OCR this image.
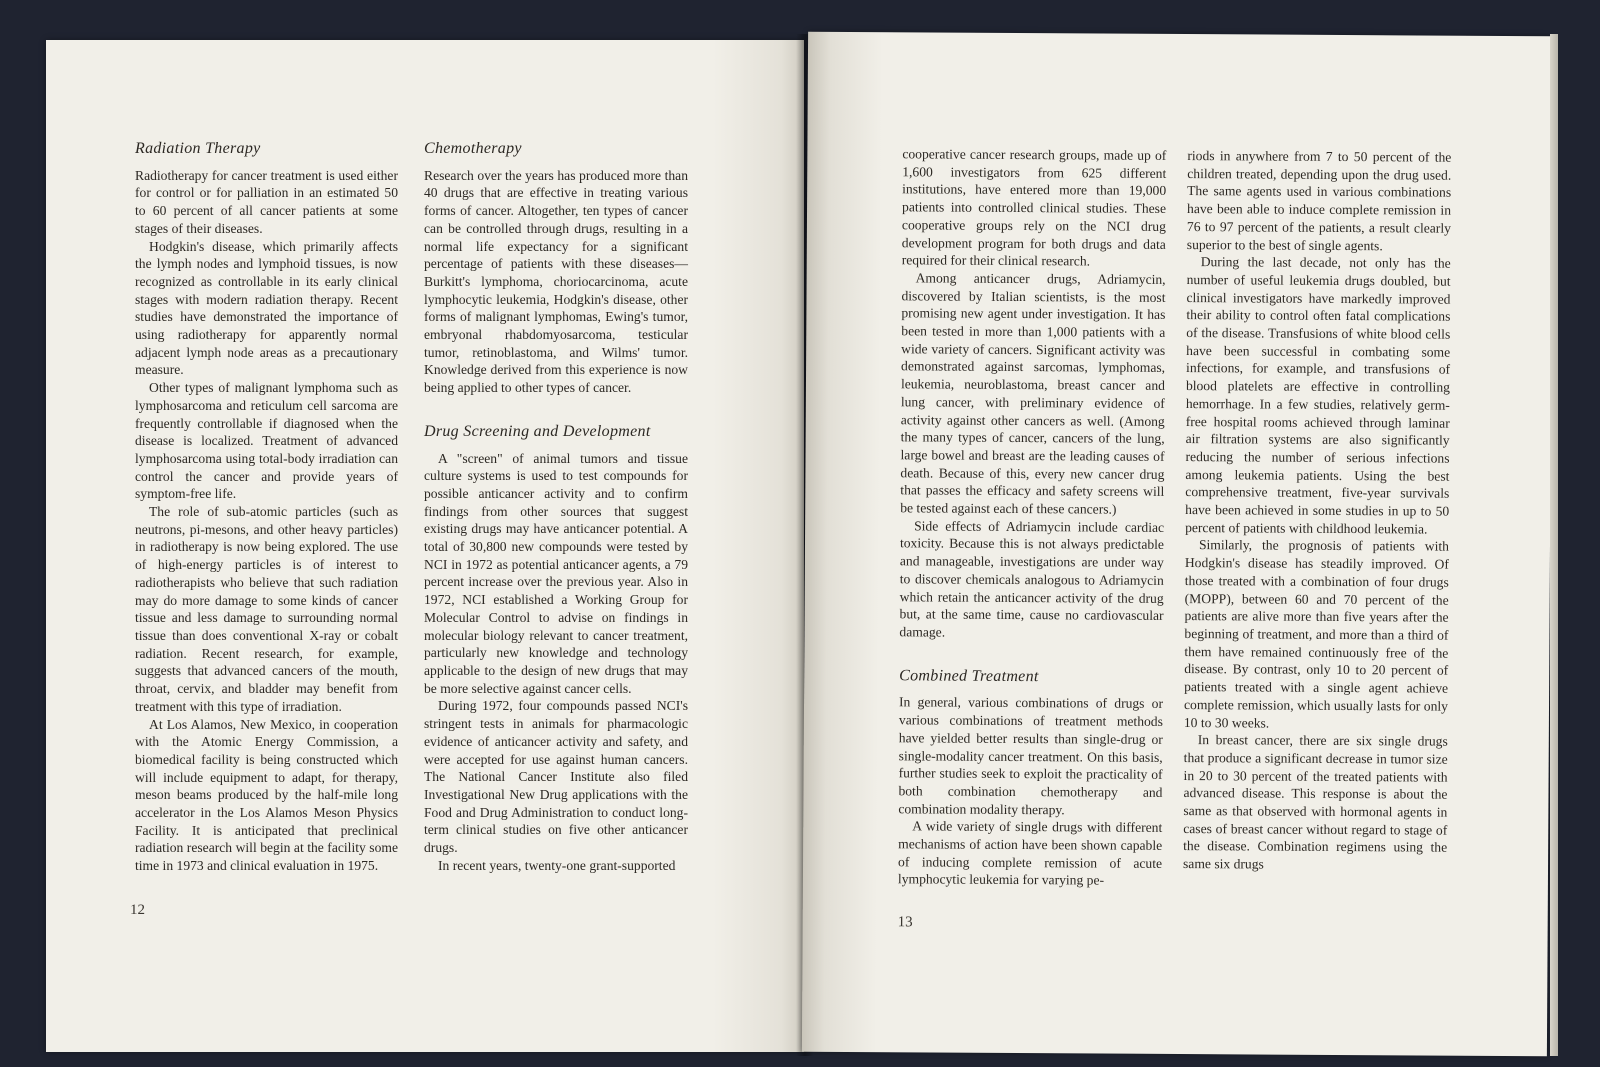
Radiation Therapy

Radiotherapy for cancer treatment is used either for control or for palliation in an estimated 50 to 60 percent of all cancer patients at some stages of their diseases.

Hodgkin's disease, which primarily affects the lymph nodes and lymphoid tissues, is now recognized as controllable in its early clinical stages with modern radiation therapy. Recent studies have demonstrated the importance of using radiotherapy for apparently normal adjacent lymph node areas as a precautionary measure.

Other types of malignant lymphoma such as lymphosarcoma and reticulum cell sarcoma are frequently controllable if diagnosed when the disease is localized. Treatment of advanced lymphosarcoma using total-body irradiation can control the cancer and provide years of symptom-free life.

The role of sub-atomic particles (such as neutrons, pi-mesons, and other heavy particles) in radiotherapy is now being explored. The use of high-energy particles is of interest to radiotherapists who believe that such radiation may do more damage to some kinds of cancer tissue and less damage to surrounding normal tissue than does conventional X-ray or cobalt radiation. Recent research, for example, suggests that advanced cancers of the mouth, throat, cervix, and bladder may benefit from treatment with this type of irradiation.

At Los Alamos, New Mexico, in cooperation with the Atomic Energy Commission, a biomedical facility is being constructed which will include equipment to adapt, for therapy, meson beams produced by the half-mile long accelerator in the Los Alamos Meson Physics Facility. It is anticipated that preclinical radiation research will begin at the facility some time in 1973 and clinical evaluation in 1975.

Chemotherapy

Research over the years has produced more than 40 drugs that are effective in treating various forms of cancer. Altogether, ten types of cancer can be controlled through drugs, resulting in a normal life expectancy for a significant percentage of patients with these diseases—Burkitt's lymphoma, choriocarcinoma, acute lymphocytic leukemia, Hodgkin's disease, other forms of malignant lymphomas, Ewing's tumor, embryonal rhabdomyosarcoma, testicular tumor, retinoblastoma, and Wilms' tumor. Knowledge derived from this experience is now being applied to other types of cancer.

Drug Screening and Development

A "screen" of animal tumors and tissue culture systems is used to test compounds for possible anticancer activity and to confirm findings from other sources that suggest existing drugs may have anticancer potential. A total of 30,800 new compounds were tested by NCI in 1972 as potential anticancer agents, a 79 percent increase over the previous year. Also in 1972, NCI established a Working Group for Molecular Control to advise on findings in molecular biology relevant to cancer treatment, particularly new knowledge and technology applicable to the design of new drugs that may be more selective against cancer cells.

During 1972, four compounds passed NCI's stringent tests in animals for pharmacologic evidence of anticancer activity and safety, and were accepted for use against human cancers. The National Cancer Institute also filed Investigational New Drug applications with the Food and Drug Administration to conduct long-term clinical studies on five other anticancer drugs.

In recent years, twenty-one grant-supported

12

cooperative cancer research groups, made up of 1,600 investigators from 625 different institutions, have entered more than 19,000 patients into controlled clinical studies. These cooperative groups rely on the NCI drug development program for both drugs and data required for their clinical research.

Among anticancer drugs, Adriamycin, discovered by Italian scientists, is the most promising new agent under investigation. It has been tested in more than 1,000 patients with a wide variety of cancers. Significant activity was demonstrated against sarcomas, lymphomas, leukemia, neuroblastoma, breast cancer and lung cancer, with preliminary evidence of activity against other cancers as well. (Among the many types of cancer, cancers of the lung, large bowel and breast are the leading causes of death. Because of this, every new cancer drug that passes the efficacy and safety screens will be tested against each of these cancers.)

Side effects of Adriamycin include cardiac toxicity. Because this is not always predictable and manageable, investigations are under way to discover chemicals analogous to Adriamycin which retain the anticancer activity of the drug but, at the same time, cause no cardiovascular damage.

Combined Treatment

In general, various combinations of drugs or various combinations of treatment methods have yielded better results than single-drug or single-modality cancer treatment. On this basis, further studies seek to exploit the practicality of both combination chemotherapy and combination modality therapy.

A wide variety of single drugs with different mechanisms of action have been shown capable of inducing complete remission of acute lymphocytic leukemia for varying pe-

riods in anywhere from 7 to 50 percent of the children treated, depending upon the drug used. The same agents used in various combinations have been able to induce complete remission in 76 to 97 percent of the patients, a result clearly superior to the best of single agents.

During the last decade, not only has the number of useful leukemia drugs doubled, but clinical investigators have markedly improved their ability to control often fatal complications of the disease. Transfusions of white blood cells have been successful in combating some infections, for example, and transfusions of blood platelets are effective in controlling hemorrhage. In a few studies, relatively germ-free hospital rooms achieved through laminar air filtration systems are also significantly reducing the number of serious infections among leukemia patients. Using the best comprehensive treatment, five-year survivals have been achieved in some studies in up to 50 percent of patients with childhood leukemia.

Similarly, the prognosis of patients with Hodgkin's disease has steadily improved. Of those treated with a combination of four drugs (MOPP), between 60 and 70 percent of the patients are alive more than five years after the beginning of treatment, and more than a third of them have remained continuously free of the disease. By contrast, only 10 to 20 percent of patients treated with a single agent achieve complete remission, which usually lasts for only 10 to 30 weeks.

In breast cancer, there are six single drugs that produce a significant decrease in tumor size in 20 to 30 percent of the treated patients with advanced disease. This response is about the same as that observed with hormonal agents in cases of breast cancer without regard to stage of the disease. Combination regimens using the same six drugs

13
